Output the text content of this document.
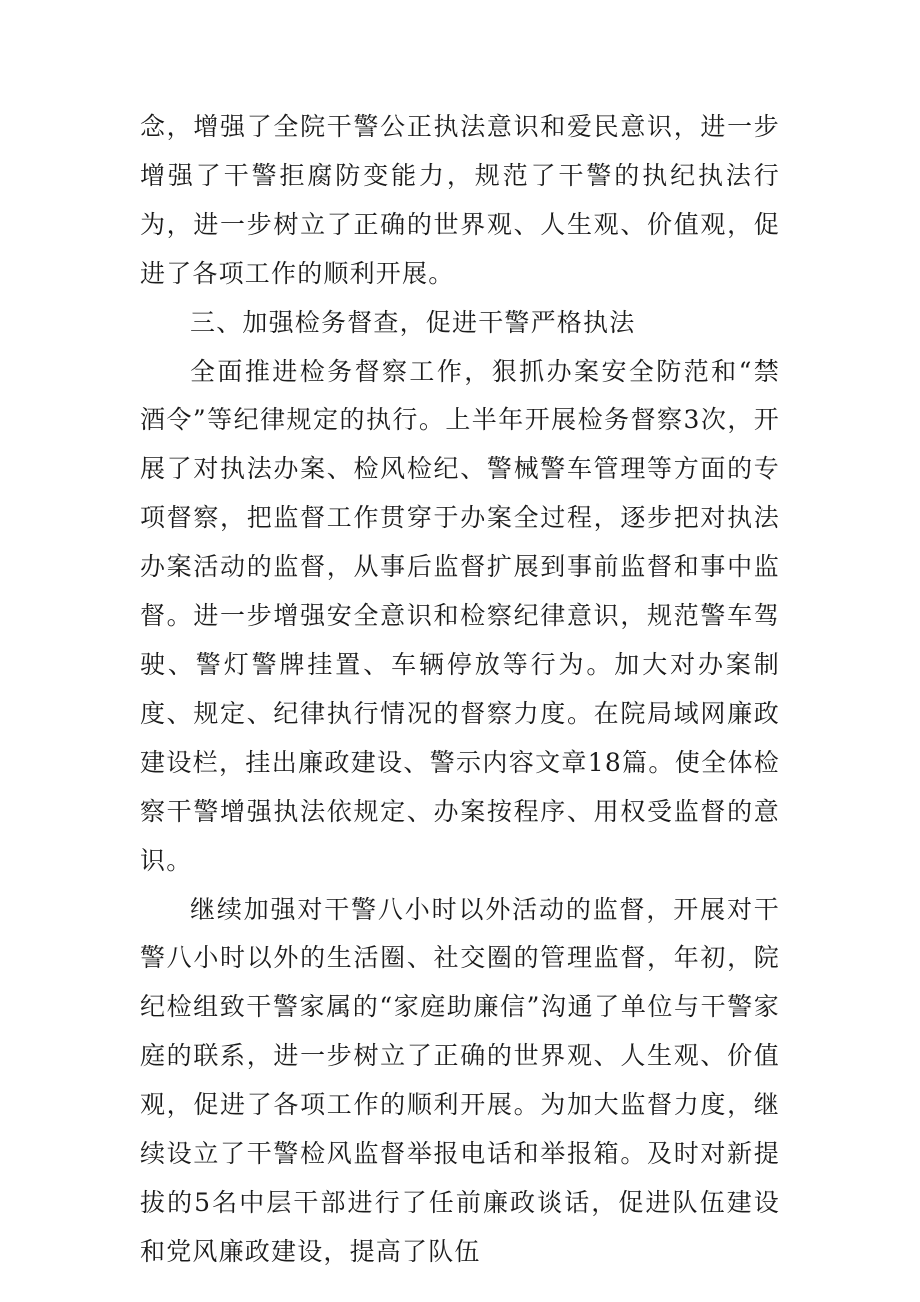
念，增强了全院干警公正执法意识和爱民意识，进一步增强了干警拒腐防变能力，规范了干警的执纪执法行为，进一步树立了正确的世界观、人生观、价值观，促进了各项工作的顺利开展。

三、加强检务督查，促进干警严格执法

全面推进检务督察工作，狠抓办案安全防范和“禁酒令”等纪律规定的执行。上半年开展检务督察3次，开展了对执法办案、检风检纪、警械警车管理等方面的专项督察，把监督工作贯穿于办案全过程，逐步把对执法办案活动的监督，从事后监督扩展到事前监督和事中监督。进一步增强安全意识和检察纪律意识，规范警车驾驶、警灯警牌挂置、车辆停放等行为。加大对办案制度、规定、纪律执行情况的督察力度。在院局域网廉政建设栏，挂出廉政建设、警示内容文章18篇。使全体检察干警增强执法依规定、办案按程序、用权受监督的意识。

继续加强对干警八小时以外活动的监督，开展对干警八小时以外的生活圈、社交圈的管理监督，年初，院纪检组致干警家属的“家庭助廉信”沟通了单位与干警家庭的联系，进一步树立了正确的世界观、人生观、价值观，促进了各项工作的顺利开展。为加大监督力度，继续设立了干警检风监督举报电话和举报箱。及时对新提拔的5名中层干部进行了任前廉政谈话，促进队伍建设和党风廉政建设，提高了队伍
